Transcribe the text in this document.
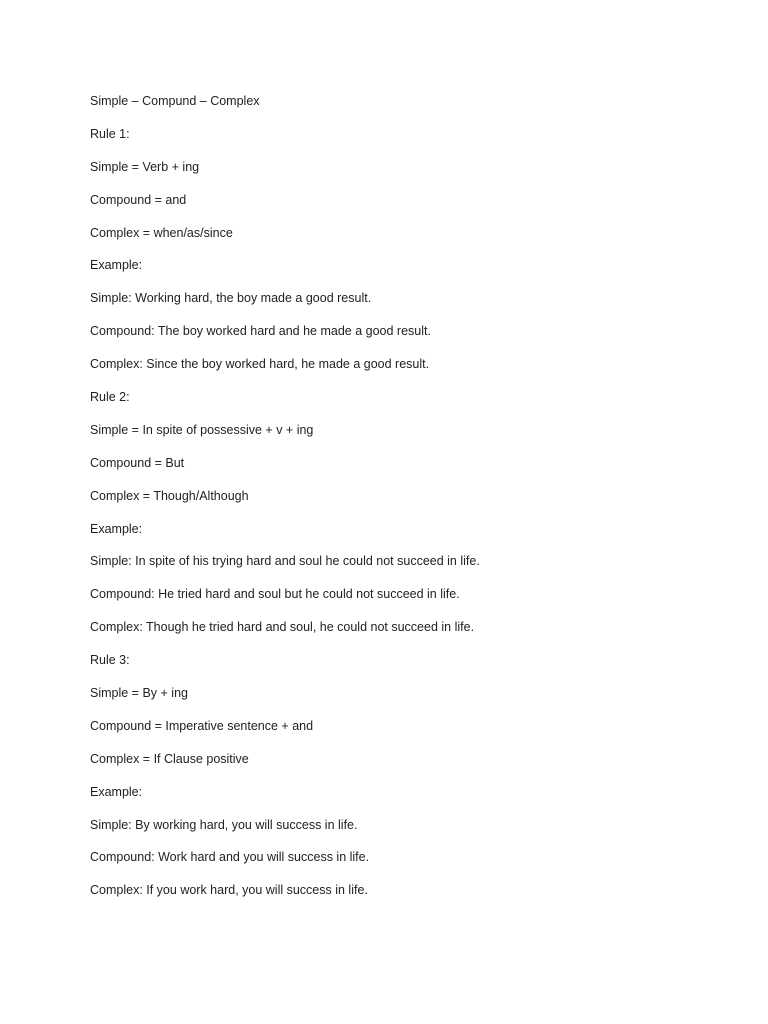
Simple – Compund – Complex
Rule 1:
Simple = Verb + ing
Compound = and
Complex = when/as/since
Example:
Simple: Working hard, the boy made a good result.
Compound: The boy worked hard and he made a good result.
Complex: Since the boy worked hard, he made a good result.
Rule 2:
Simple = In spite of possessive + v + ing
Compound = But
Complex = Though/Although
Example:
Simple: In spite of his trying hard and soul he could not succeed in life.
Compound: He tried hard and soul but he could not succeed in life.
Complex: Though he tried hard and soul, he could not succeed in life.
Rule 3:
Simple = By + ing
Compound = Imperative sentence + and
Complex = If Clause positive
Example:
Simple: By working hard, you will success in life.
Compound: Work hard and you will success in life.
Complex: If you work hard, you will success in life.
